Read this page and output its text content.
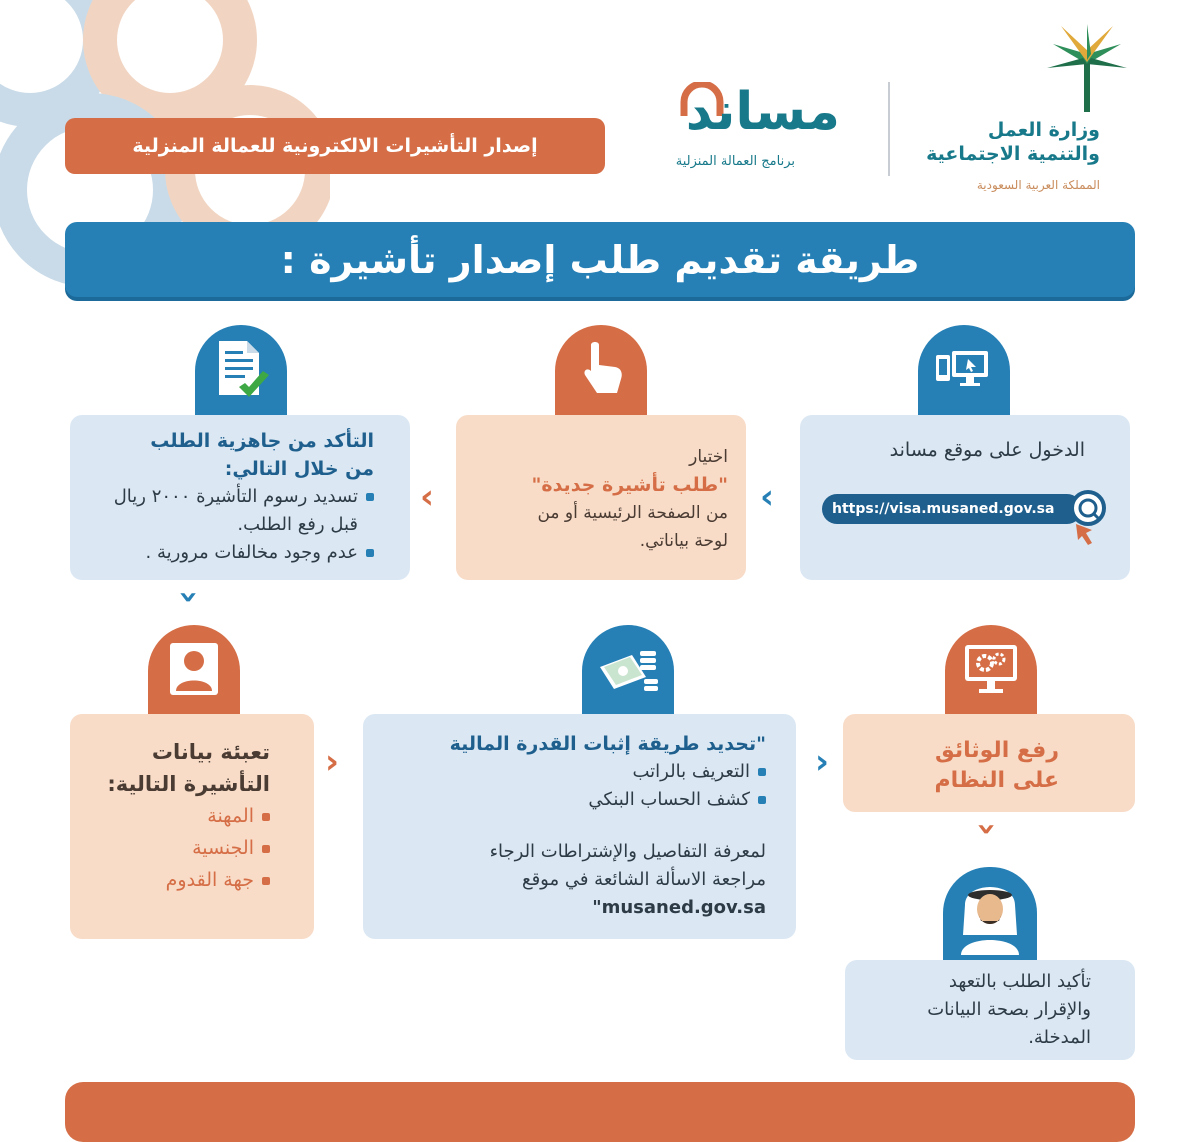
وزارة العمل
والتنمية الاجتماعية
المملكة العربية السعودية
مساند
برنامج العمالة المنزلية
إصدار التأشيرات الالكترونية للعمالة المنزلية
طريقة تقديم طلب إصدار تأشيرة :
الدخول على موقع مساند
https://visa.musaned.gov.sa
‹
اختيار
"طلب تأشيرة جديدة"
من الصفحة الرئيسية أو من
لوحة بياناتي.
‹
التأكد من جاهزية الطلب
من خلال التالي:
تسديد رسوم التأشيرة ٢٠٠٠ ريال
قبل رفع الطلب.
عدم وجود مخالفات مرورية .
‹
رفع الوثائق
على النظام
›
"تحديد طريقة إثبات القدرة المالية
التعريف بالراتب
كشف الحساب البنكي
لمعرفة التفاصيل والإشتراطات الرجاء
مراجعة الاسألة الشائعة في موقع
musaned.gov.sa"
›
تعبئة بيانات
التأشيرة التالية:
المهنة
الجنسية
جهة القدوم
‹
تأكيد الطلب بالتعهد
والإقرار بصحة البيانات
المدخلة.
